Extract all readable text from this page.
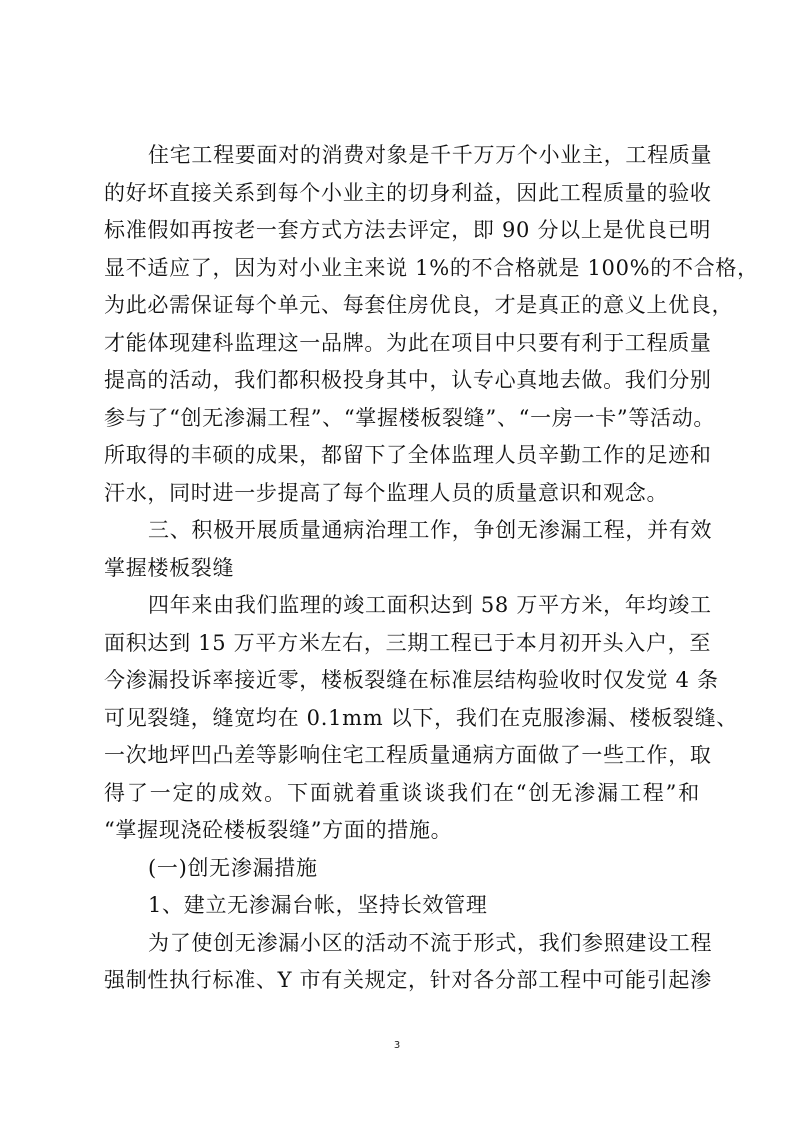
住宅工程要面对的消费对象是千千万万个小业主，工程质量
的好坏直接关系到每个小业主的切身利益，因此工程质量的验收
标准假如再按老一套方式方法去评定，即 90 分以上是优良已明
显不适应了，因为对小业主来说 1%的不合格就是 100%的不合格，
为此必需保证每个单元、每套住房优良，才是真正的意义上优良，
才能体现建科监理这一品牌。为此在项目中只要有利于工程质量
提高的活动，我们都积极投身其中，认专心真地去做。我们分别
参与了“创无渗漏工程”、“掌握楼板裂缝”、“一房一卡”等活动。
所取得的丰硕的成果，都留下了全体监理人员辛勤工作的足迹和
汗水，同时进一步提高了每个监理人员的质量意识和观念。
三、积极开展质量通病治理工作，争创无渗漏工程，并有效
掌握楼板裂缝
四年来由我们监理的竣工面积达到 58 万平方米，年均竣工
面积达到 15 万平方米左右，三期工程已于本月初开头入户，至
今渗漏投诉率接近零，楼板裂缝在标准层结构验收时仅发觉 4 条
可见裂缝，缝宽均在 0.1mm 以下，我们在克服渗漏、楼板裂缝、
一次地坪凹凸差等影响住宅工程质量通病方面做了一些工作，取
得了一定的成效。下面就着重谈谈我们在“创无渗漏工程”和
“掌握现浇砼楼板裂缝”方面的措施。
(一)创无渗漏措施
1、建立无渗漏台帐，坚持长效管理
为了使创无渗漏小区的活动不流于形式，我们参照建设工程
强制性执行标准、Y 市有关规定，针对各分部工程中可能引起渗
3
